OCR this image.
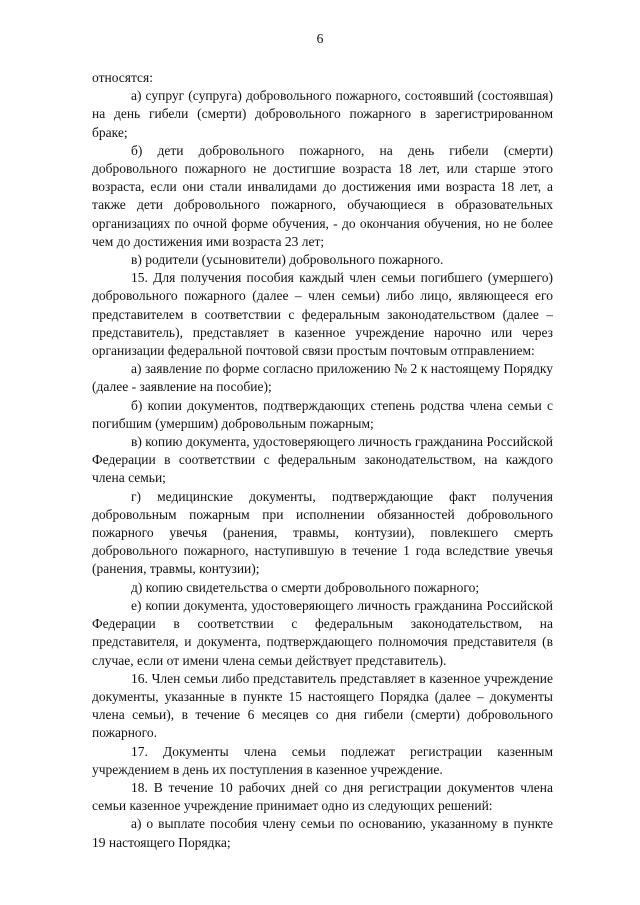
6

относятся:

а) супруг (супруга) добровольного пожарного, состоявший (состоявшая) на день гибели (смерти) добровольного пожарного в зарегистрированном браке;

б) дети добровольного пожарного, на день гибели (смерти) добровольного пожарного не достигшие возраста 18 лет, или старше этого возраста, если они стали инвалидами до достижения ими возраста 18 лет, а также дети добровольного пожарного, обучающиеся в образовательных организациях по очной форме обучения, - до окончания обучения, но не более чем до достижения ими возраста 23 лет;

в) родители (усыновители) добровольного пожарного.

15. Для получения пособия каждый член семьи погибшего (умершего) добровольного пожарного (далее – член семьи) либо лицо, являющееся его представителем в соответствии с федеральным законодательством (далее – представитель), представляет в казенное учреждение нарочно или через организации федеральной почтовой связи простым почтовым отправлением:

а) заявление по форме согласно приложению № 2 к настоящему Порядку (далее - заявление на пособие);

б) копии документов, подтверждающих степень родства члена семьи с погибшим (умершим) добровольным пожарным;

в) копию документа, удостоверяющего личность гражданина Российской Федерации в соответствии с федеральным законодательством, на каждого члена семьи;

г) медицинские документы, подтверждающие факт получения добровольным пожарным при исполнении обязанностей добровольного пожарного увечья (ранения, травмы, контузии), повлекшего смерть добровольного пожарного, наступившую в течение 1 года вследствие увечья (ранения, травмы, контузии);

д) копию свидетельства о смерти добровольного пожарного;

е) копии документа, удостоверяющего личность гражданина Российской Федерации в соответствии с федеральным законодательством, на представителя, и документа, подтверждающего полномочия представителя (в случае, если от имени члена семьи действует представитель).

16. Член семьи либо представитель представляет в казенное учреждение документы, указанные в пункте 15 настоящего Порядка (далее – документы члена семьи), в течение 6 месяцев со дня гибели (смерти) добровольного пожарного.

17. Документы члена семьи подлежат регистрации казенным учреждением в день их поступления в казенное учреждение.

18. В течение 10 рабочих дней со дня регистрации документов члена семьи казенное учреждение принимает одно из следующих решений:

а) о выплате пособия члену семьи по основанию, указанному в пункте 19 настоящего Порядка;
